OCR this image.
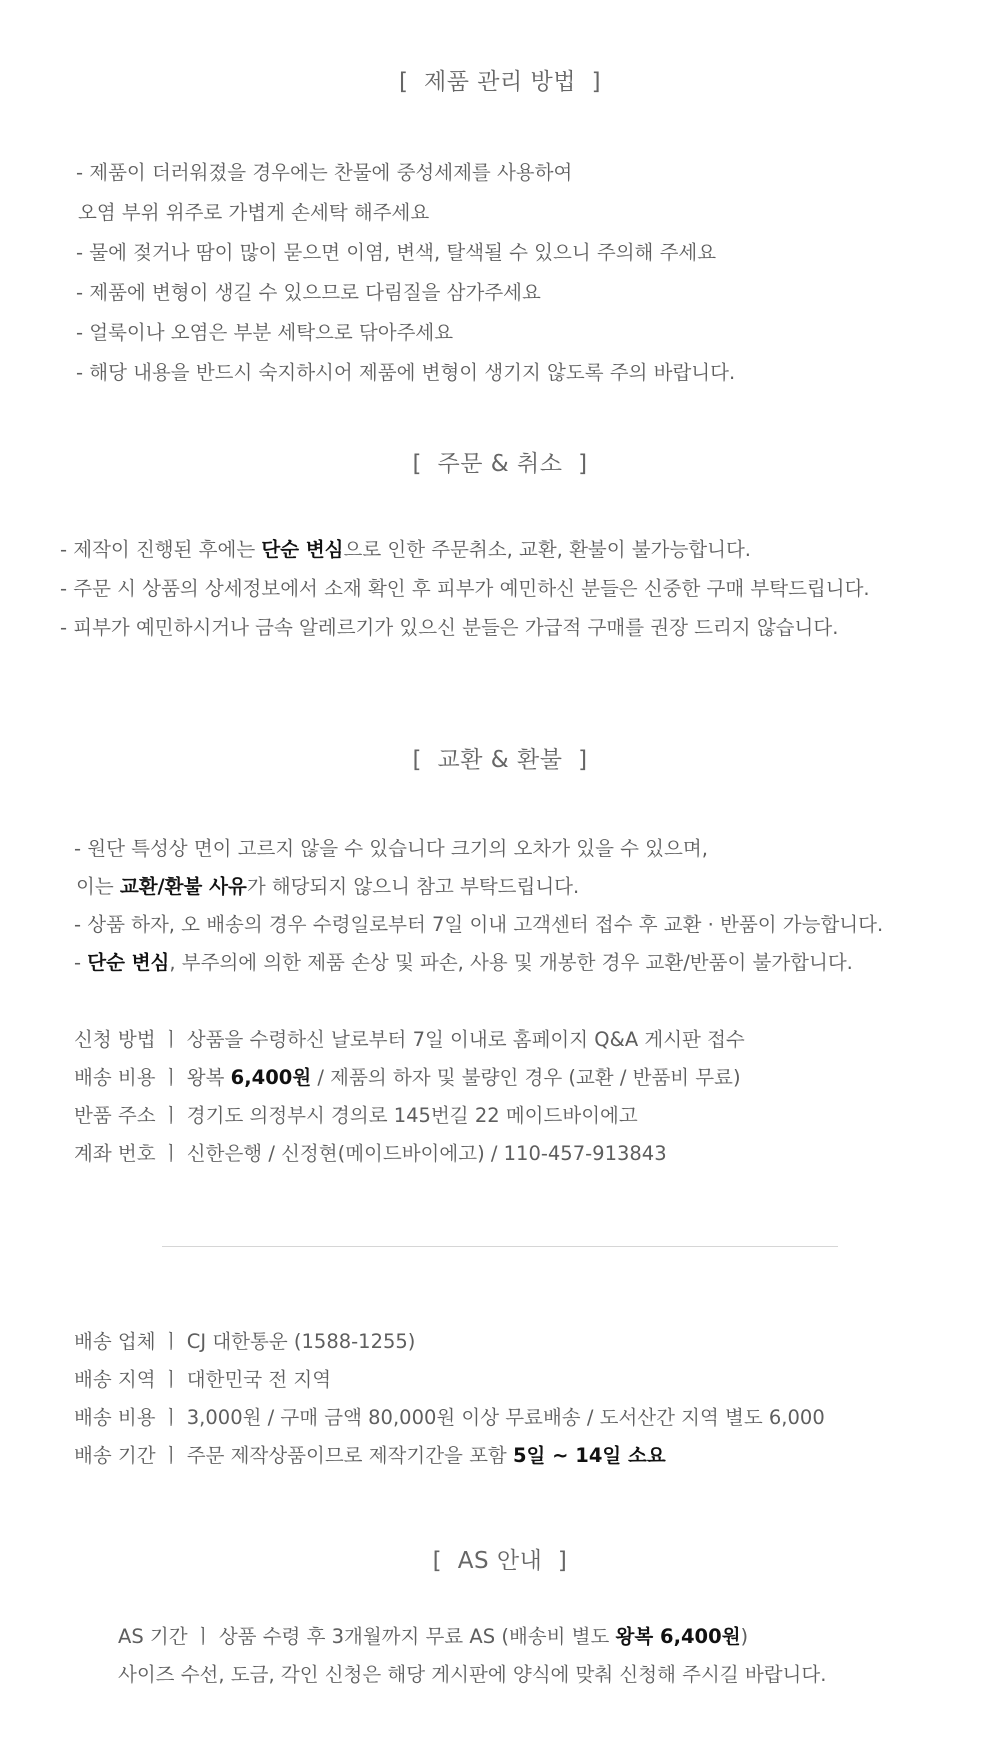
[  제품 관리 방법  ]

- 제품이 더러워졌을 경우에는 찬물에 중성세제를 사용하여

오염 부위 위주로 가볍게 손세탁 해주세요

- 물에 젖거나 땀이 많이 묻으면 이염, 변색, 탈색될 수 있으니 주의해 주세요

- 제품에 변형이 생길 수 있으므로 다림질을 삼가주세요

- 얼룩이나 오염은 부분 세탁으로 닦아주세요

- 해당 내용을 반드시 숙지하시어 제품에 변형이 생기지 않도록 주의 바랍니다.

[  주문 & 취소  ]

- 제작이 진행된 후에는 단순 변심으로 인한 주문취소, 교환, 환불이 불가능합니다.

- 주문 시 상품의 상세정보에서 소재 확인 후 피부가 예민하신 분들은 신중한 구매 부탁드립니다.

- 피부가 예민하시거나 금속 알레르기가 있으신 분들은 가급적 구매를 권장 드리지 않습니다.

[  교환 & 환불  ]

- 원단 특성상 면이 고르지 않을 수 있습니다 크기의 오차가 있을 수 있으며,

이는 교환/환불 사유가 해당되지 않으니 참고 부탁드립니다.

- 상품 하자, 오 배송의 경우 수령일로부터 7일 이내 고객센터 접수 후 교환 · 반품이 가능합니다.

- 단순 변심, 부주의에 의한 제품 손상 및 파손, 사용 및 개봉한 경우 교환/반품이 불가합니다.

신청 방법 ㅣ 상품을 수령하신 날로부터 7일 이내로 홈페이지 Q&A 게시판 접수

배송 비용 ㅣ 왕복 6,400원 / 제품의 하자 및 불량인 경우 (교환 / 반품비 무료)

반품 주소 ㅣ 경기도 의정부시 경의로 145번길 22 메이드바이에고

계좌 번호 ㅣ 신한은행 / 신정현(메이드바이에고) / 110-457-913843

배송 업체 ㅣ CJ 대한통운 (1588-1255)

배송 지역 ㅣ 대한민국 전 지역

배송 비용 ㅣ 3,000원 / 구매 금액 80,000원 이상 무료배송 / 도서산간 지역 별도 6,000

배송 기간 ㅣ 주문 제작상품이므로 제작기간을 포함 5일 ~ 14일 소요

[  AS 안내  ]

AS 기간 ㅣ 상품 수령 후 3개월까지 무료 AS (배송비 별도 왕복 6,400원)

사이즈 수선, 도금, 각인 신청은 해당 게시판에 양식에 맞춰 신청해 주시길 바랍니다.
